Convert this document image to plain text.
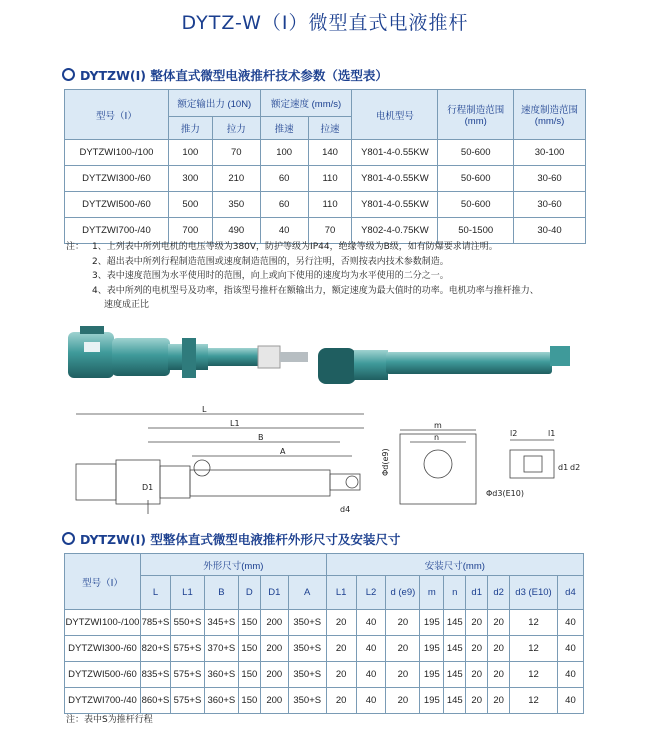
DYTZ-W（Ⅰ）微型直式电液推杆
DYTZW(I) 整体直式微型电液推杆技术参数（选型表）
型号（Ⅰ）	额定输出力 (10N)		额定速度 (mm/s)		电机型号	行程制造范围(mm)	速度制造范围(mm/s)
	推力	拉力	推速	拉速			
DYTZWI100-/100	100	70	100	140	Y801-4-0.55KW	50-600	30-100
DYTZWI300-/60	300	210	60	110	Y801-4-0.55KW	50-600	30-60
DYTZWI500-/60	500	350	60	110	Y801-4-0.55KW	50-600	30-60
DYTZWI700-/40	700	490	40	70	Y802-4-0.75KW	50-1500	30-40
注： 1、上列表中所列电机的电压等级为380V，防护等级为IP44，绝缘等级为B级，如有防爆要求请注明。
2、超出表中所列行程制造范围或速度制造范围的，另行注明，否则按表内技术参数制造。
3、表中速度范围为水平使用时的范围，向上或向下使用的速度均为水平使用的二分之一。
4、表中所列的电机型号及功率，指该型号推杆在额输出力，额定速度为最大值时的功率。电机功率与推杆推力、
速度成正比
L
L1
B
A
D1
d4
m
n
Φd(e9)
l2	l1
d1 d2
Φd3(E10)
DYTZW(I) 型整体直式微型电液推杆外形尺寸及安装尺寸
型号（Ⅰ）	外形尺寸(mm)						安装尺寸(mm)								
	L	L1	B	D	D1	A	L1	L2	d (e9)	m	n	d1	d2	d3 (E10)	d4
DYTZWI100-/100	785+S	550+S	345+S	150	200	350+S	20	40	20	195	145	20	20	12	40
DYTZWI300-/60	820+S	575+S	370+S	150	200	350+S	20	40	20	195	145	20	20	12	40
DYTZWI500-/60	835+S	575+S	360+S	150	200	350+S	20	40	20	195	145	20	20	12	40
DYTZWI700-/40	860+S	575+S	360+S	150	200	350+S	20	40	20	195	145	20	20	12	40
注：表中S为推杆行程
